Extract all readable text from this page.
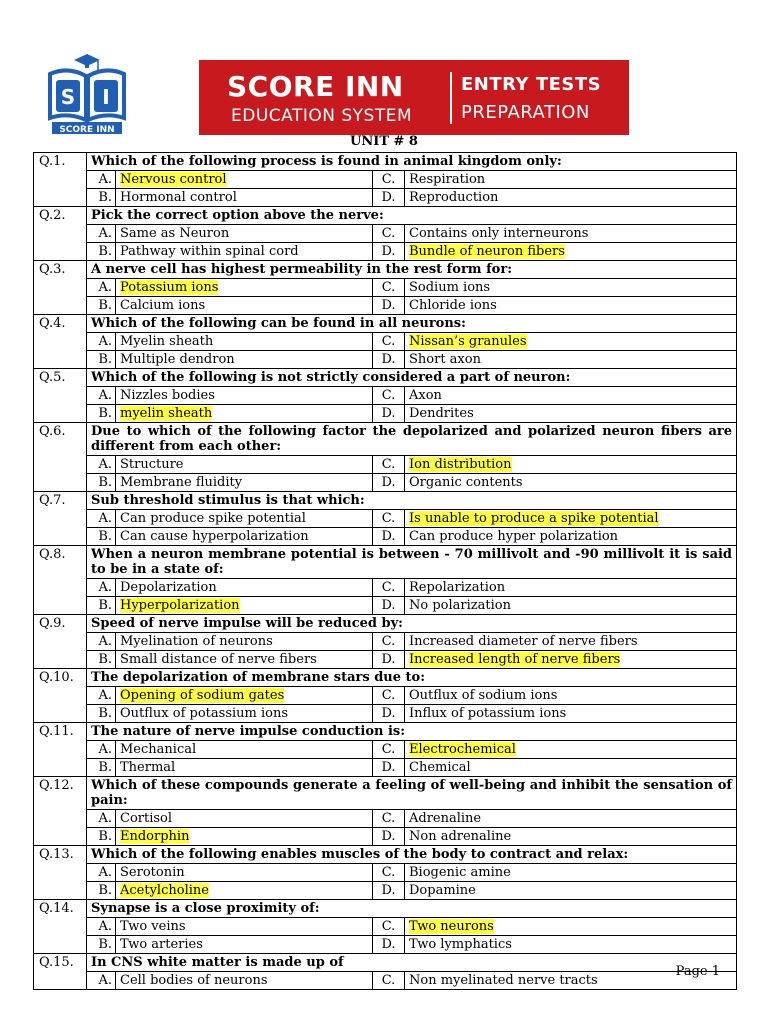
S I
SCORE INN
SCORE INN
EDUCATION SYSTEM
ENTRY TESTS
PREPARATION
UNIT # 8
Q.1.	Which of the following process is found in animal kingdom only:			
	A.	Nervous control	C.	Respiration
	B.	Hormonal control	D.	Reproduction
Q.2.	Pick the correct option above the nerve:			
	A.	Same as Neuron	C.	Contains only interneurons
	B.	Pathway within spinal cord	D.	Bundle of neuron fibers
Q.3.	A nerve cell has highest permeability in the rest form for:			
	A.	Potassium ions	C.	Sodium ions
	B.	Calcium ions	D.	Chloride ions
Q.4.	Which of the following can be found in all neurons:			
	A.	Myelin sheath	C.	Nissan’s granules
	B.	Multiple dendron	D.	Short axon
Q.5.	Which of the following is not strictly considered a part of neuron:			
	A.	Nizzles bodies	C.	Axon
	B.	myelin sheath	D.	Dendrites
Q.6.	Due to which of the following factor the depolarized and polarized neuron fibers are different from each other:			
	A.	Structure	C.	Ion distribution
	B.	Membrane fluidity	D.	Organic contents
Q.7.	Sub threshold stimulus is that which:			
	A.	Can produce spike potential	C.	Is unable to produce a spike potential
	B.	Can cause hyperpolarization	D.	Can produce hyper polarization
Q.8.	When a neuron membrane potential is between - 70 millivolt and -90 millivolt it is said to be in a state of:			
	A.	Depolarization	C.	Repolarization
	B.	Hyperpolarization	D.	No polarization
Q.9.	Speed of nerve impulse will be reduced by:			
	A.	Myelination of neurons	C.	Increased diameter of nerve fibers
	B.	Small distance of nerve fibers	D.	Increased length of nerve fibers
Q.10.	The depolarization of membrane stars due to:			
	A.	Opening of sodium gates	C.	Outflux of sodium ions
	B.	Outflux of potassium ions	D.	Influx of potassium ions
Q.11.	The nature of nerve impulse conduction is:			
	A.	Mechanical	C.	Electrochemical
	B.	Thermal	D.	Chemical
Q.12.	Which of these compounds generate a feeling of well-being and inhibit the sensation of pain:			
	A.	Cortisol	C.	Adrenaline
	B.	Endorphin	D.	Non adrenaline
Q.13.	Which of the following enables muscles of the body to contract and relax:			
	A.	Serotonin	C.	Biogenic amine
	B.	Acetylcholine	D.	Dopamine
Q.14.	Synapse is a close proximity of:			
	A.	Two veins	C.	Two neurons
	B.	Two arteries	D.	Two lymphatics
Q.15.	In CNS white matter is made up of			
	A.	Cell bodies of neurons	C.	Non myelinated nerve tracts
Page 1
